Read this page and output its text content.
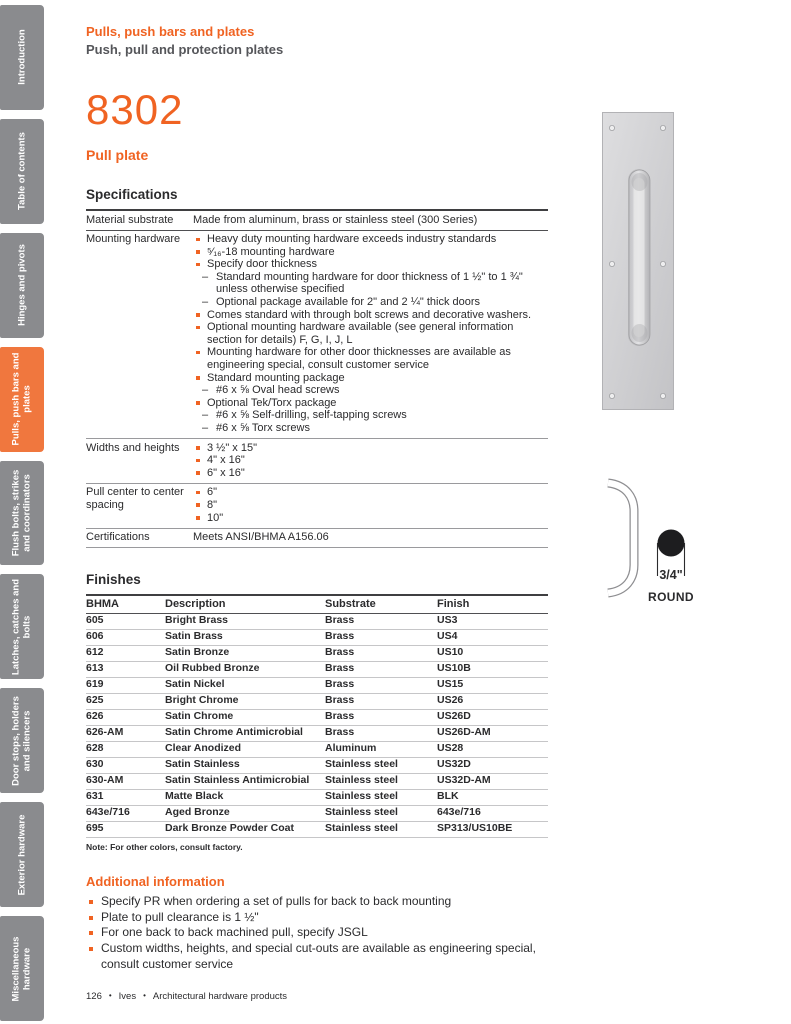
Introduction
Table of contents
Hinges and pivots
Pulls, push bars and plates
Flush bolts, strikes and coordinators
Latches, catches and bolts
Door stops, holders and silencers
Exterior hardware
Miscellaneous hardware
Pulls, push bars and plates
Push, pull and protection plates
8302
Pull plate
Specifications
Material substrate	Made from aluminum, brass or stainless steel (300 Series)
Mounting hardware	Heavy duty mounting hardware exceeds industry standards
⁵⁄₁₆-18 mounting hardware
Specify door thickness
– Standard mounting hardware for door thickness of 1 ½" to 1 ¾" unless otherwise specified
– Optional package available for 2" and 2 ¼" thick doors
Comes standard with through bolt screws and decorative washers.
Optional mounting hardware available (see general information section for details) F, G, I, J, L
Mounting hardware for other door thicknesses are available as engineering special, consult customer service
Standard mounting package
– #6 x ⅝ Oval head screws
Optional Tek/Torx package
– #6 x ⅝ Self-drilling, self-tapping screws
– #6 x ⅝ Torx screws
Widths and heights	3 ½" x 15"
4" x 16"
6" x 16"
Pull center to center spacing
6"
8"
10"
Certifications	Meets ANSI/BHMA A156.06
Finishes
BHMA	Description	Substrate	Finish
605	Bright Brass	Brass	US3
606	Satin Brass	Brass	US4
612	Satin Bronze	Brass	US10
613	Oil Rubbed Bronze	Brass	US10B
619	Satin Nickel	Brass	US15
625	Bright Chrome	Brass	US26
626	Satin Chrome	Brass	US26D
626-AM	Satin Chrome Antimicrobial	Brass	US26D-AM
628	Clear Anodized	Aluminum	US28
630	Satin Stainless	Stainless steel	US32D
630-AM	Satin Stainless Antimicrobial	Stainless steel	US32D-AM
631	Matte Black	Stainless steel	BLK
643e/716	Aged Bronze	Stainless steel	643e/716
695	Dark Bronze Powder Coat	Stainless steel	SP313/US10BE
Note: For other colors, consult factory.
Additional information
Specify PR when ordering a set of pulls for back to back mounting
Plate to pull clearance is 1 ½"
For one back to back machined pull, specify JSGL
Custom widths, heights, and special cut-outs are available as engineering special, consult customer service
3/4"
ROUND
126 • Ives • Architectural hardware products
